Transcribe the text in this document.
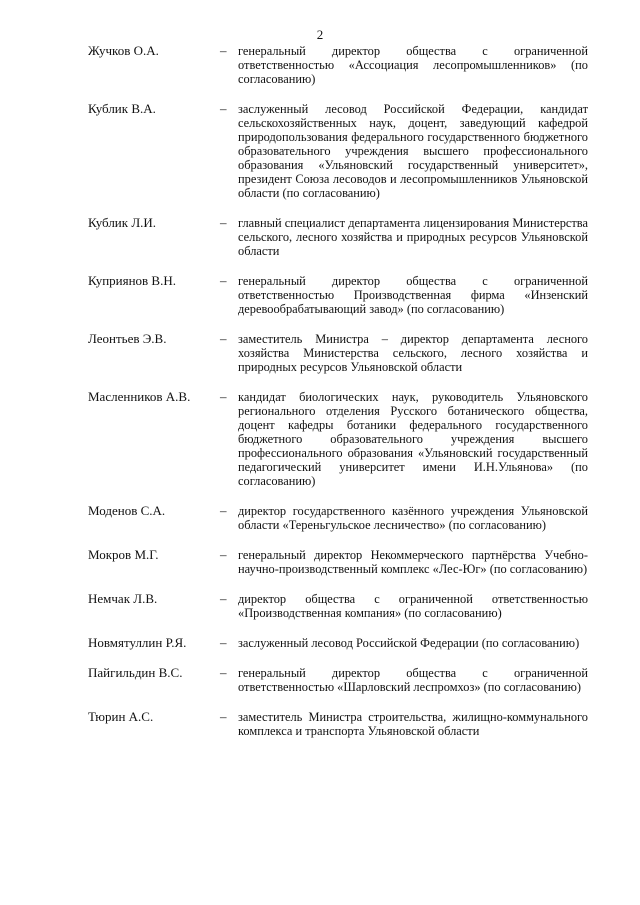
2
Жучков О.А.	– генеральный директор общества с ограниченной ответственностью «Ассоциация лесопромышленников» (по согласованию)
Кублик В.А.	– заслуженный лесовод Российской Федерации, кандидат сельскохозяйственных наук, доцент, заведующий кафедрой природопользования федерального государственного бюджетного образовательного учреждения высшего профессионального образования «Ульяновский государственный университет», президент Союза лесоводов и лесопромышленников Ульяновской области (по согласованию)
Кублик Л.И.	– главный специалист департамента лицензирования Министерства сельского, лесного хозяйства и природных ресурсов Ульяновской области
Куприянов В.Н.	– генеральный директор общества с ограниченной ответственностью Производственная фирма «Инзенский деревообрабатывающий завод» (по согласованию)
Леонтьев Э.В.	– заместитель Министра – директор департамента лесного хозяйства Министерства сельского, лесного хозяйства и природных ресурсов Ульяновской области
Масленников А.В.	– кандидат биологических наук, руководитель Ульяновского регионального отделения Русского ботанического общества, доцент кафедры ботаники федерального государственного бюджетного образовательного учреждения высшего профессионального образования «Ульяновский государственный педагогический университет имени И.Н.Ульянова» (по согласованию)
Моденов С.А.	– директор государственного казённого учреждения Ульяновской области «Тереньгульское лесничество» (по согласованию)
Мокров М.Г.	– генеральный директор Некоммерческого партнёрства Учебно-научно-производственный комплекс «Лес-Юг» (по согласованию)
Немчак Л.В.	– директор общества с ограниченной ответственностью «Производственная компания» (по согласованию)
Новмятуллин Р.Я.	– заслуженный лесовод Российской Федерации (по согласованию)
Пайгильдин В.С.	– генеральный директор общества с ограниченной ответственностью «Шарловский леспромхоз» (по согласованию)
Тюрин А.С.	– заместитель Министра строительства, жилищно-коммунального комплекса и транспорта Ульяновской области
